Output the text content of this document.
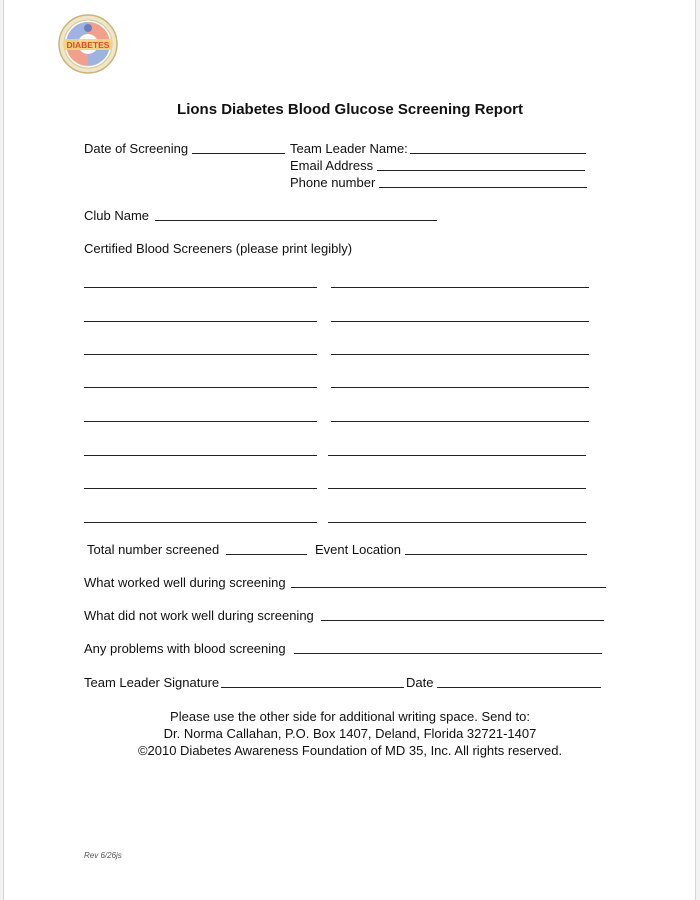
DIABETES
Lions Diabetes Blood Glucose Screening Report
Date of Screening	Team Leader Name:
Email Address
Phone number
Club Name
Certified Blood Screeners (please print legibly)
Total number screened	Event Location
What worked well during screening
What did not work well during screening
Any problems with blood screening
Team Leader Signature	Date
Please use the other side for additional writing space. Send to:
Dr. Norma Callahan, P.O. Box 1407, Deland, Florida 32721-1407
©2010 Diabetes Awareness Foundation of MD 35, Inc. All rights reserved.
Rev 6/26js
